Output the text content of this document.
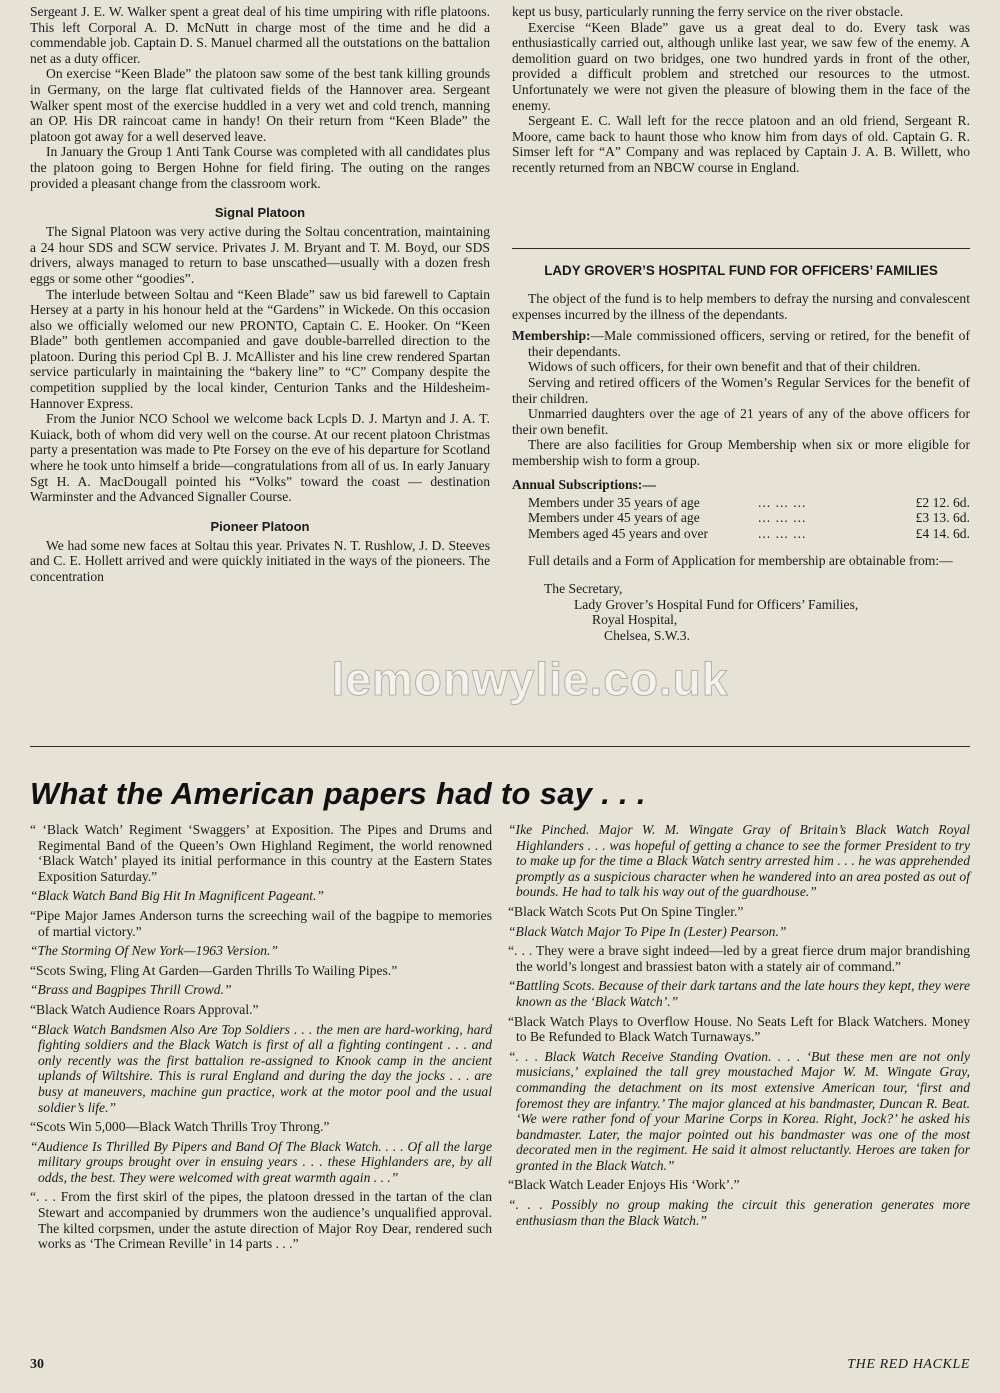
Sergeant J. E. W. Walker spent a great deal of his time umpiring with rifle platoons. This left Corporal A. D. McNutt in charge most of the time and he did a commendable job. Captain D. S. Manuel charmed all the outstations on the battalion net as a duty officer.

On exercise “Keen Blade” the platoon saw some of the best tank killing grounds in Germany, on the large flat cultivated fields of the Hannover area. Sergeant Walker spent most of the exercise huddled in a very wet and cold trench, manning an OP. His DR raincoat came in handy! On their return from “Keen Blade” the platoon got away for a well deserved leave.

In January the Group 1 Anti Tank Course was completed with all candidates plus the platoon going to Bergen Hohne for field firing. The outing on the ranges provided a pleasant change from the classroom work.

Signal Platoon

The Signal Platoon was very active during the Soltau concentration, maintaining a 24 hour SDS and SCW service. Privates J. M. Bryant and T. M. Boyd, our SDS drivers, always managed to return to base unscathed—usually with a dozen fresh eggs or some other “goodies”.

The interlude between Soltau and “Keen Blade” saw us bid farewell to Captain Hersey at a party in his honour held at the “Gardens” in Wickede. On this occasion also we officially welomed our new PRONTO, Captain C. E. Hooker. On “Keen Blade” both gentlemen accompanied and gave double-barrelled direction to the platoon. During this period Cpl B. J. McAllister and his line crew rendered Spartan service particularly in maintaining the “bakery line” to “C” Company despite the competition supplied by the local kinder, Centurion Tanks and the Hildesheim-Hannover Express.

From the Junior NCO School we welcome back Lcpls D. J. Martyn and J. A. T. Kuiack, both of whom did very well on the course. At our recent platoon Christmas party a presentation was made to Pte Forsey on the eve of his departure for Scotland where he took unto himself a bride—congratulations from all of us. In early January Sgt H. A. MacDougall pointed his “Volks” toward the coast — destination Warminster and the Advanced Signaller Course.

Pioneer Platoon

We had some new faces at Soltau this year. Privates N. T. Rushlow, J. D. Steeves and C. E. Hollett arrived and were quickly initiated in the ways of the pioneers. The concentration

kept us busy, particularly running the ferry service on the river obstacle.

Exercise “Keen Blade” gave us a great deal to do. Every task was enthusiastically carried out, although unlike last year, we saw few of the enemy. A demolition guard on two bridges, one two hundred yards in front of the other, provided a difficult problem and stretched our resources to the utmost. Unfortunately we were not given the pleasure of blowing them in the face of the enemy.

Sergeant E. C. Wall left for the recce platoon and an old friend, Sergeant R. Moore, came back to haunt those who know him from days of old. Captain G. R. Simser left for “A” Company and was replaced by Captain J. A. B. Willett, who recently returned from an NBCW course in England.

LADY GROVER’S HOSPITAL FUND FOR OFFICERS’ FAMILIES

The object of the fund is to help members to defray the nursing and convalescent expenses incurred by the illness of the dependants.

Membership:—Male commissioned officers, serving or retired, for the benefit of their dependants.

Widows of such officers, for their own benefit and that of their children.

Serving and retired officers of the Women’s Regular Services for the benefit of their children.

Unmarried daughters over the age of 21 years of any of the above officers for their own benefit.

There are also facilities for Group Membership when six or more eligible for membership wish to form a group.

Annual Subscriptions:—
Members under 35 years of age	... ... ...	£2 12. 6d.
Members under 45 years of age	... ... ...	£3 13. 6d.
Members aged 45 years and over	... ... ...	£4 14. 6d.

Full details and a Form of Application for membership are obtainable from:—

The Secretary,

Lady Grover’s Hospital Fund for Officers’ Families,

Royal Hospital,

Chelsea, S.W.3.

lemonwylie.co.uk
What the American papers had to say . . .

“ ‘Black Watch’ Regiment ‘Swaggers’ at Exposition. The Pipes and Drums and Regimental Band of the Queen’s Own Highland Regiment, the world renowned ‘Black Watch’ played its initial performance in this country at the Eastern States Exposition Saturday.”

“Black Watch Band Big Hit In Magnificent Pageant.”

“Pipe Major James Anderson turns the screeching wail of the bagpipe to memories of martial victory.”

“The Storming Of New York—1963 Version.”

“Scots Swing, Fling At Garden—Garden Thrills To Wailing Pipes.”

“Brass and Bagpipes Thrill Crowd.”

“Black Watch Audience Roars Approval.”

“Black Watch Bandsmen Also Are Top Soldiers . . . the men are hard-working, hard fighting soldiers and the Black Watch is first of all a fighting contingent . . . and only recently was the first battalion re-assigned to Knook camp in the ancient uplands of Wiltshire. This is rural England and during the day the jocks . . . are busy at maneuvers, machine gun practice, work at the motor pool and the usual soldier’s life.”

“Scots Win 5,000—Black Watch Thrills Troy Throng.”

“Audience Is Thrilled By Pipers and Band Of The Black Watch. . . . Of all the large military groups brought over in ensuing years . . . these Highlanders are, by all odds, the best. They were welcomed with great warmth again . . .”

“. . . From the first skirl of the pipes, the platoon dressed in the tartan of the clan Stewart and accompanied by drummers won the audience’s unqualified approval. The kilted corpsmen, under the astute direction of Major Roy Dear, rendered such works as ‘The Crimean Reville’ in 14 parts . . .”

“Ike Pinched. Major W. M. Wingate Gray of Britain’s Black Watch Royal Highlanders . . . was hopeful of getting a chance to see the former President to try to make up for the time a Black Watch sentry arrested him . . . he was apprehended promptly as a suspicious character when he wandered into an area posted as out of bounds. He had to talk his way out of the guardhouse.”

“Black Watch Scots Put On Spine Tingler.”

“Black Watch Major To Pipe In (Lester) Pearson.”

“. . . They were a brave sight indeed—led by a great fierce drum major brandishing the world’s longest and brassiest baton with a stately air of command.”

“Battling Scots. Because of their dark tartans and the late hours they kept, they were known as the ‘Black Watch’.”

“Black Watch Plays to Overflow House. No Seats Left for Black Watchers. Money to Be Refunded to Black Watch Turnaways.”

“. . . Black Watch Receive Standing Ovation. . . . ‘But these men are not only musicians,’ explained the tall grey moustached Major W. M. Wingate Gray, commanding the detachment on its most extensive American tour, ‘first and foremost they are infantry.’ The major glanced at his bandmaster, Duncan R. Beat. ‘We were rather fond of your Marine Corps in Korea. Right, Jock?’ he asked his bandmaster. Later, the major pointed out his bandmaster was one of the most decorated men in the regiment. He said it almost reluctantly. Heroes are taken for granted in the Black Watch.”

“Black Watch Leader Enjoys His ‘Work’.”

“. . . Possibly no group making the circuit this generation generates more enthusiasm than the Black Watch.”

30	THE RED HACKLE
